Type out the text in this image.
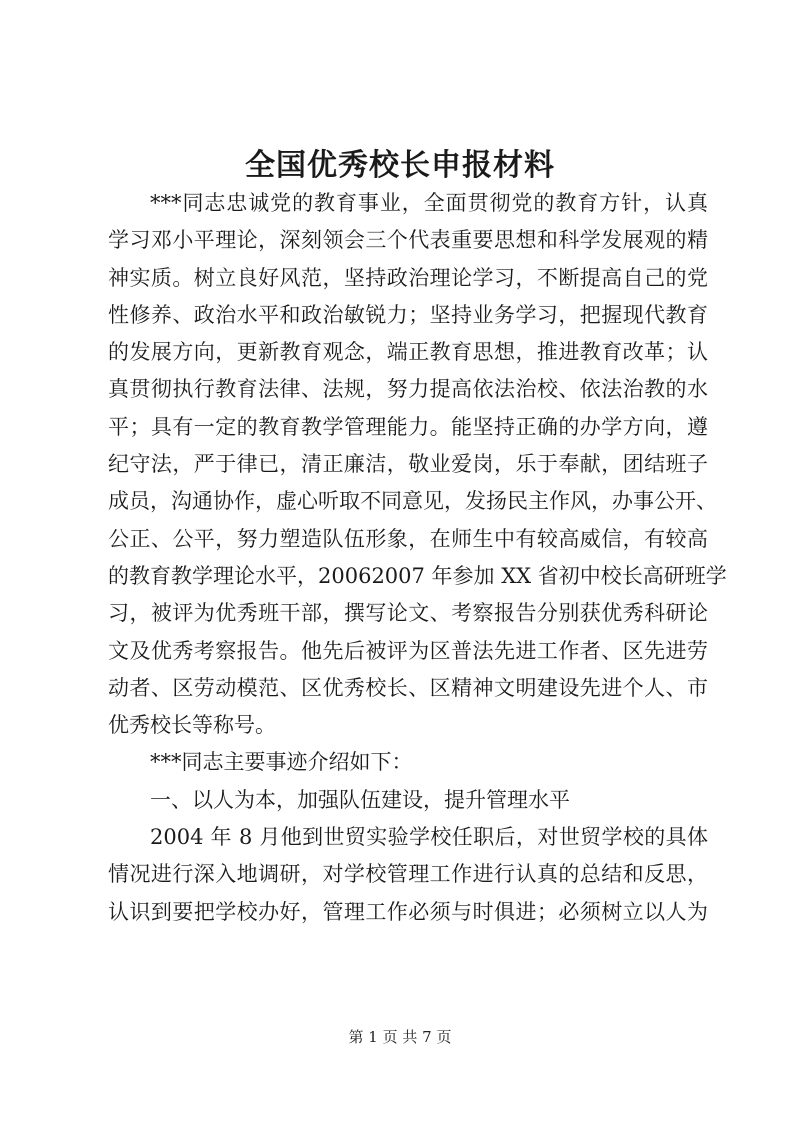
全国优秀校长申报材料
***同志忠诚党的教育事业，全面贯彻党的教育方针，认真
学习邓小平理论，深刻领会三个代表重要思想和科学发展观的精
神实质。树立良好风范，坚持政治理论学习，不断提高自己的党
性修养、政治水平和政治敏锐力；坚持业务学习，把握现代教育
的发展方向，更新教育观念，端正教育思想，推进教育改革；认
真贯彻执行教育法律、法规，努力提高依法治校、依法治教的水
平；具有一定的教育教学管理能力。能坚持正确的办学方向，遵
纪守法，严于律已，清正廉洁，敬业爱岗，乐于奉献，团结班子
成员，沟通协作，虚心听取不同意见，发扬民主作风，办事公开、
公正、公平，努力塑造队伍形象，在师生中有较高威信，有较高
的教育教学理论水平，20062007 年参加 XX 省初中校长高研班学
习，被评为优秀班干部，撰写论文、考察报告分别获优秀科研论
文及优秀考察报告。他先后被评为区普法先进工作者、区先进劳
动者、区劳动模范、区优秀校长、区精神文明建设先进个人、市
优秀校长等称号。
***同志主要事迹介绍如下：
一、以人为本，加强队伍建设，提升管理水平
2004 年 8 月他到世贸实验学校任职后，对世贸学校的具体
情况进行深入地调研，对学校管理工作进行认真的总结和反思，
认识到要把学校办好，管理工作必须与时俱进；必须树立以人为
第 1 页 共 7 页
